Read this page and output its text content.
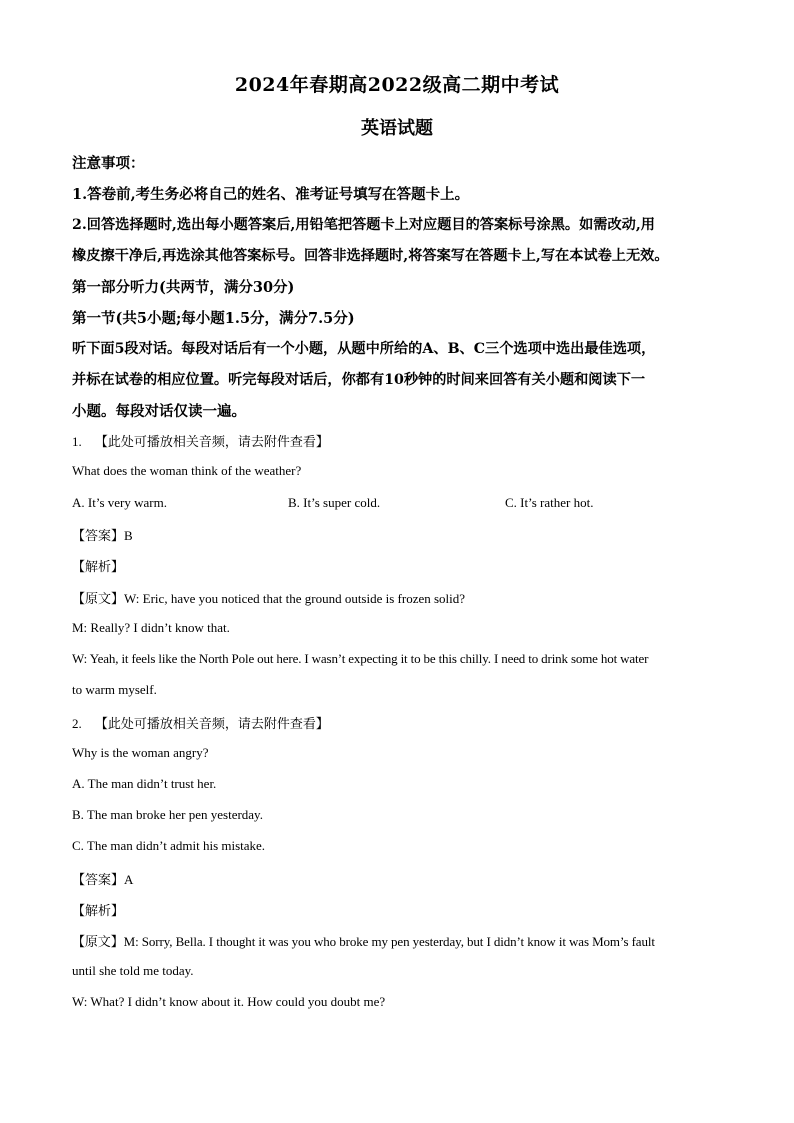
2024年春期高2022级高二期中考试
英语试题
注意事项：
1.答卷前,考生务必将自己的姓名、准考证号填写在答题卡上。
2.回答选择题时,选出每小题答案后,用铅笔把答题卡上对应题目的答案标号涂黑。如需改动,用
橡皮擦干净后,再选涂其他答案标号。回答非选择题时,将答案写在答题卡上,写在本试卷上无效。
第一部分听力(共两节，满分30分)
第一节(共5小题;每小题1.5分，满分7.5分)
听下面5段对话。每段对话后有一个小题，从题中所给的A、B、C三个选项中选出最佳选项，
并标在试卷的相应位置。听完每段对话后，你都有10秒钟的时间来回答有关小题和阅读下一
小题。每段对话仅读一遍。
1. 【此处可播放相关音频，请去附件查看】
What does the woman think of the weather?
A. It’s very warm.	B. It’s super cold.	C. It’s rather hot.
【答案】B
【解析】
【原文】W: Eric, have you noticed that the ground outside is frozen solid?
M: Really? I didn’t know that.
W: Yeah, it feels like the North Pole out here. I wasn’t expecting it to be this chilly. I need to drink some hot water
to warm myself.
2. 【此处可播放相关音频，请去附件查看】
Why is the woman angry?
A. The man didn’t trust her.
B. The man broke her pen yesterday.
C. The man didn’t admit his mistake.
【答案】A
【解析】
【原文】M: Sorry, Bella. I thought it was you who broke my pen yesterday, but I didn’t know it was Mom’s fault
until she told me today.
W: What? I didn’t know about it. How could you doubt me?
